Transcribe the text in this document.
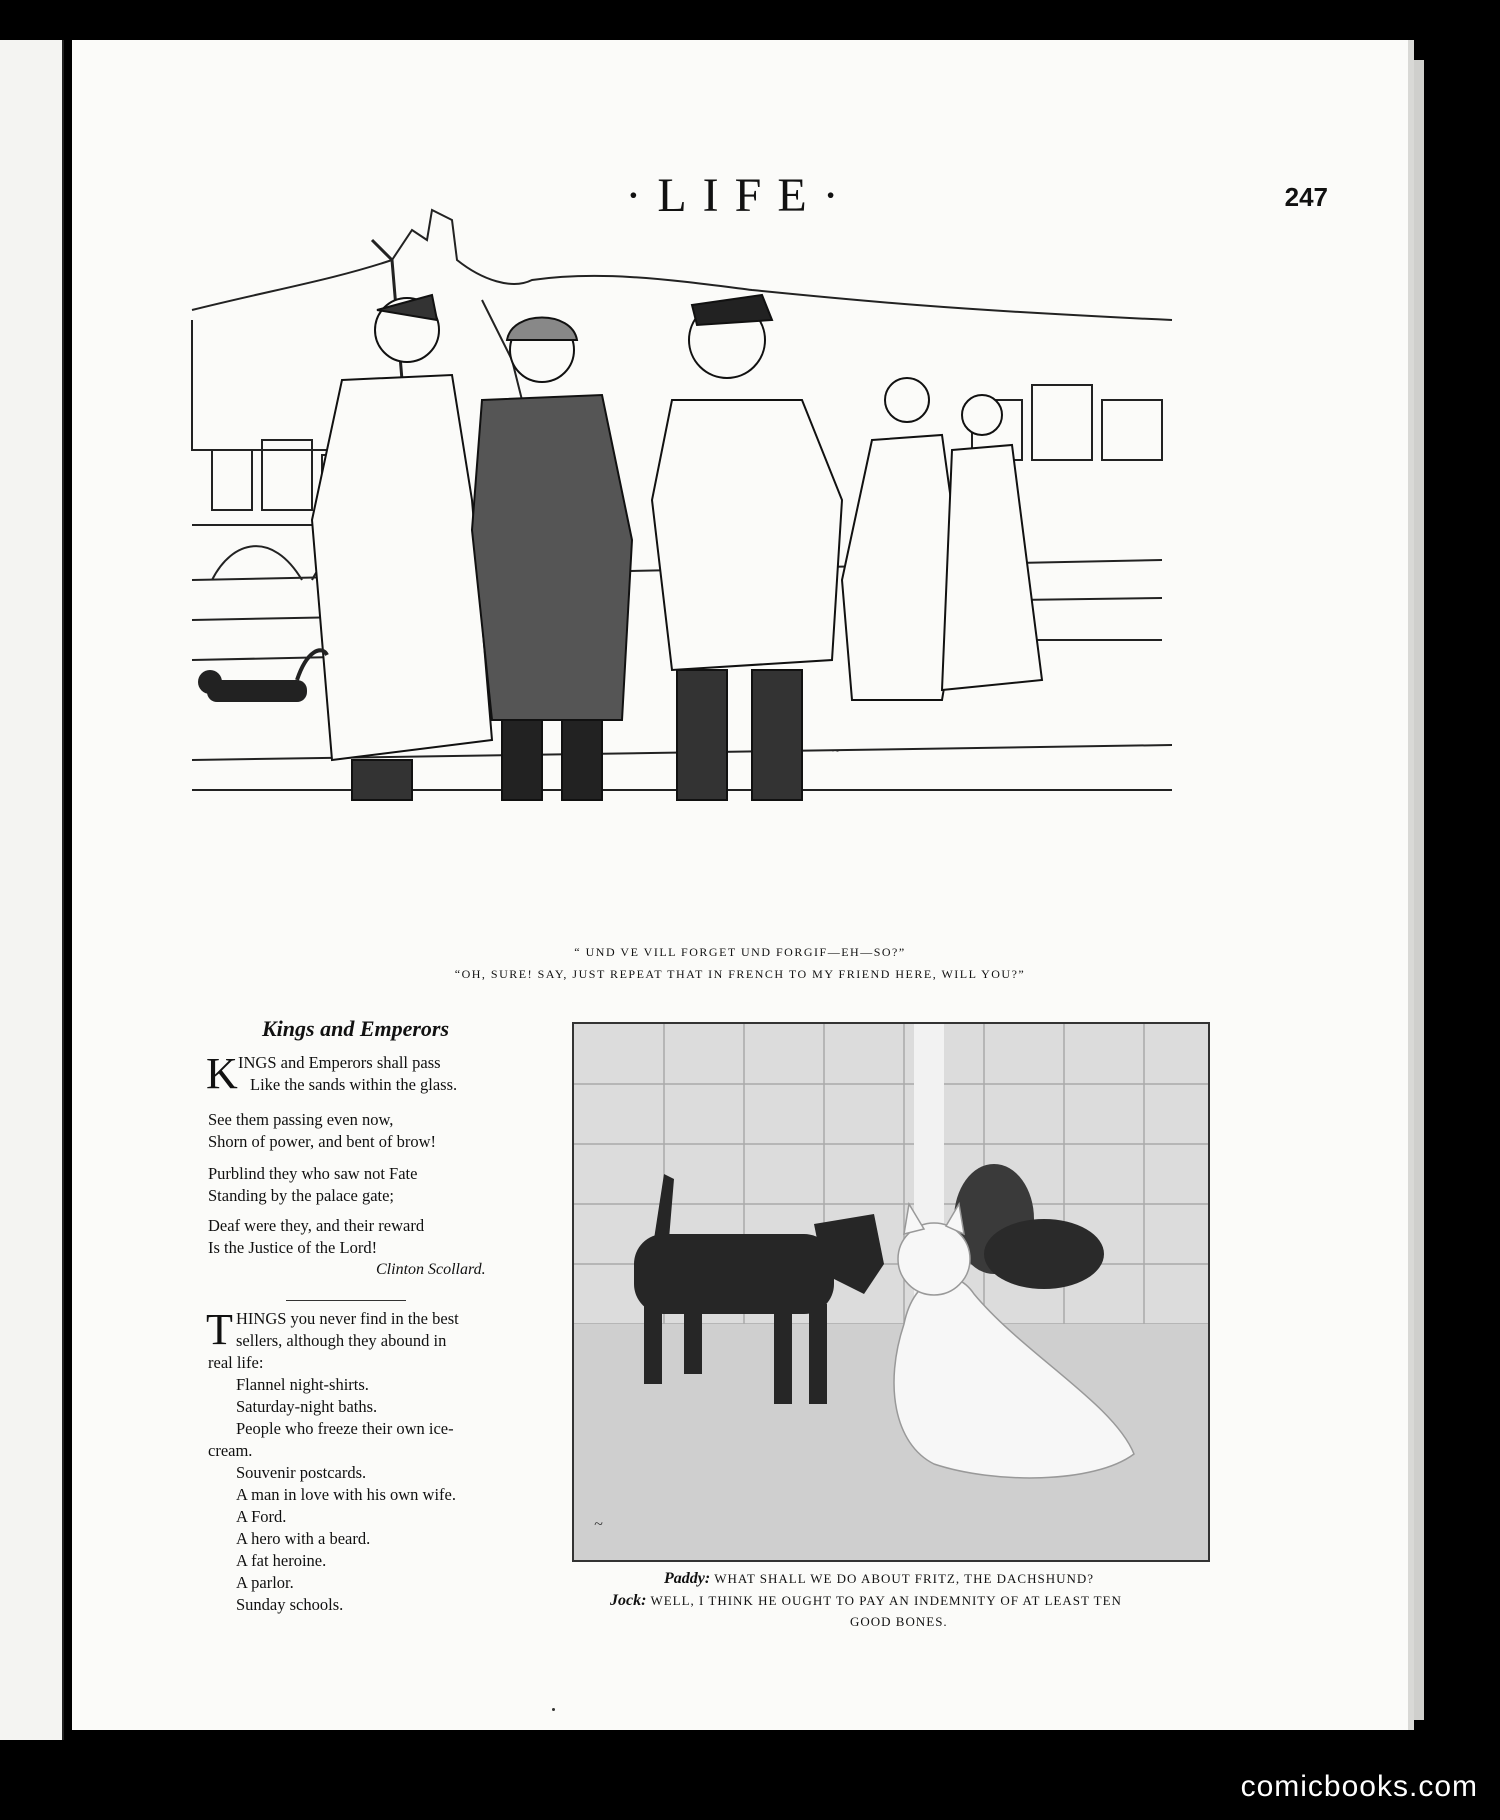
·LIFE·	247
~
“ UND VE VILL FORGET UND FORGIF—EH—SO?”
“OH, SURE! SAY, JUST REPEAT THAT IN FRENCH TO MY FRIEND HERE, WILL YOU?”
Kings and Emperors
K INGS and Emperors shall pass
Like the sands within the glass.
See them passing even now,
Shorn of power, and bent of brow!
Purblind they who saw not Fate
Standing by the palace gate;
Deaf were they, and their reward
Is the Justice of the Lord!
Clinton Scollard.
T HINGS you never find in the best
sellers, although they abound in
real life:
Flannel night-shirts.
Saturday-night baths.
People who freeze their own ice-
cream.
Souvenir postcards.
A man in love with his own wife.
A Ford.
A hero with a beard.
A fat heroine.
A parlor.
Sunday schools.
~
Paddy: WHAT SHALL WE DO ABOUT FRITZ, THE DACHSHUND?
Jock: WELL, I THINK HE OUGHT TO PAY AN INDEMNITY OF AT LEAST TEN
GOOD BONES.
comicbooks.com
